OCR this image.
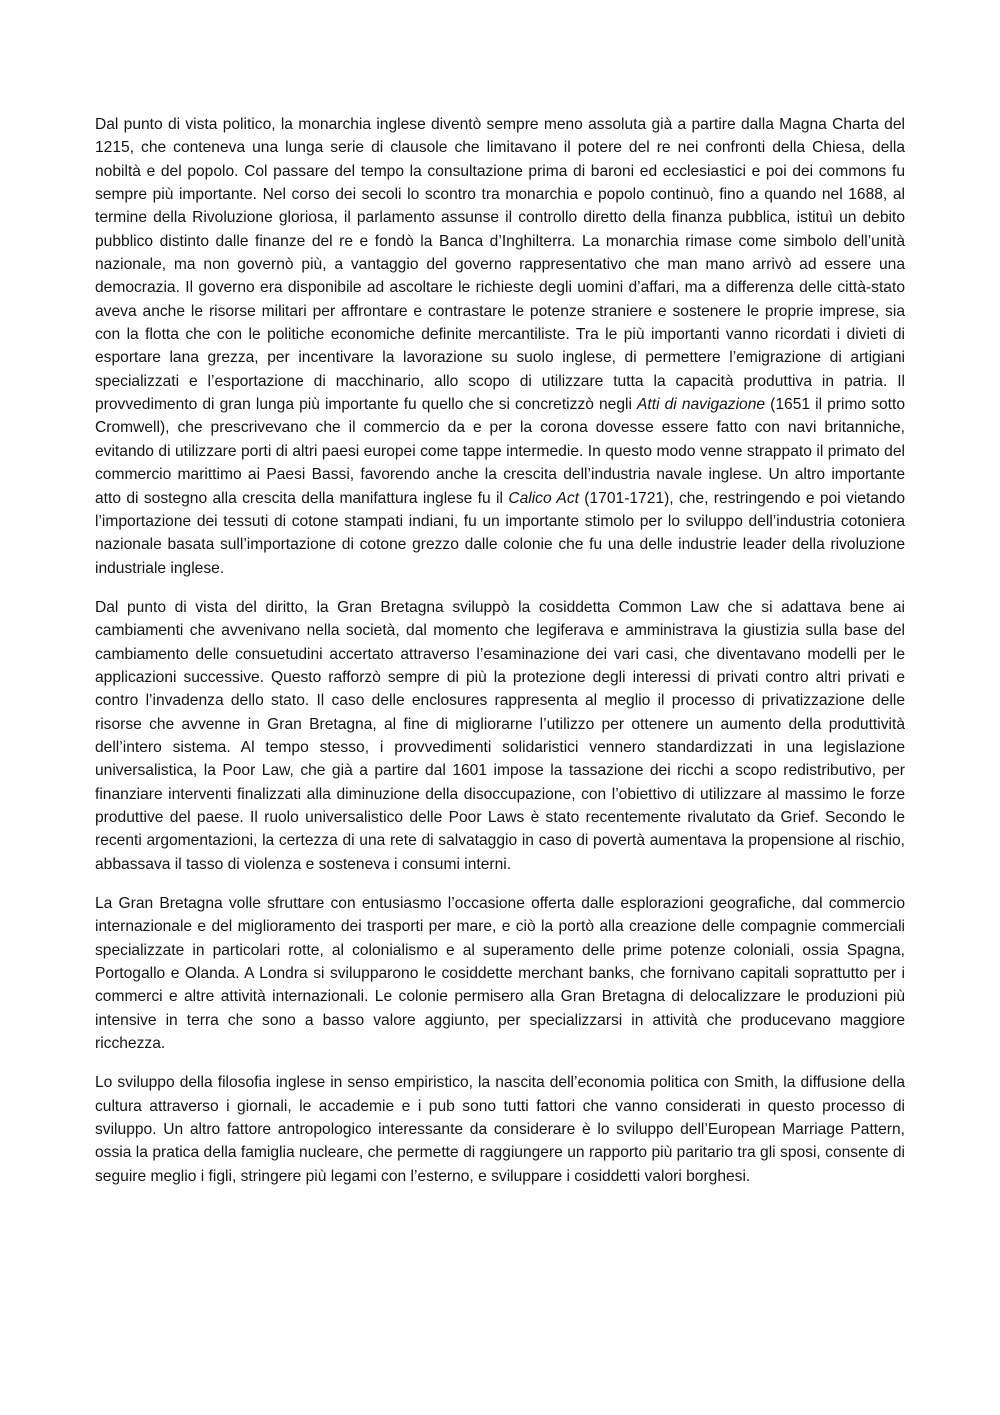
Dal punto di vista politico, la monarchia inglese diventò sempre meno assoluta già a partire dalla Magna Charta del 1215, che conteneva una lunga serie di clausole che limitavano il potere del re nei confronti della Chiesa, della nobiltà e del popolo. Col passare del tempo la consultazione prima di baroni ed ecclesiastici e poi dei commons fu sempre più importante. Nel corso dei secoli lo scontro tra monarchia e popolo continuò, fino a quando nel 1688, al termine della Rivoluzione gloriosa, il parlamento assunse il controllo diretto della finanza pubblica, istituì un debito pubblico distinto dalle finanze del re e fondò la Banca d’Inghilterra. La monarchia rimase come simbolo dell’unità nazionale, ma non governò più, a vantaggio del governo rappresentativo che man mano arrivò ad essere una democrazia. Il governo era disponibile ad ascoltare le richieste degli uomini d’affari, ma a differenza delle città-stato aveva anche le risorse militari per affrontare e contrastare le potenze straniere e sostenere le proprie imprese, sia con la flotta che con le politiche economiche definite mercantiliste. Tra le più importanti vanno ricordati i divieti di esportare lana grezza, per incentivare la lavorazione su suolo inglese, di permettere l’emigrazione di artigiani specializzati e l’esportazione di macchinario, allo scopo di utilizzare tutta la capacità produttiva in patria. Il provvedimento di gran lunga più importante fu quello che si concretizzò negli Atti di navigazione (1651 il primo sotto Cromwell), che prescrivevano che il commercio da e per la corona dovesse essere fatto con navi britanniche, evitando di utilizzare porti di altri paesi europei come tappe intermedie. In questo modo venne strappato il primato del commercio marittimo ai Paesi Bassi, favorendo anche la crescita dell’industria navale inglese. Un altro importante atto di sostegno alla crescita della manifattura inglese fu il Calico Act (1701-1721), che, restringendo e poi vietando l’importazione dei tessuti di cotone stampati indiani, fu un importante stimolo per lo sviluppo dell’industria cotoniera nazionale basata sull’importazione di cotone grezzo dalle colonie che fu una delle industrie leader della rivoluzione industriale inglese.

Dal punto di vista del diritto, la Gran Bretagna sviluppò la cosiddetta Common Law che si adattava bene ai cambiamenti che avvenivano nella società, dal momento che legiferava e amministrava la giustizia sulla base del cambiamento delle consuetudini accertato attraverso l’esaminazione dei vari casi, che diventavano modelli per le applicazioni successive. Questo rafforzò sempre di più la protezione degli interessi di privati contro altri privati e contro l’invadenza dello stato. Il caso delle enclosures rappresenta al meglio il processo di privatizzazione delle risorse che avvenne in Gran Bretagna, al fine di migliorarne l’utilizzo per ottenere un aumento della produttività dell’intero sistema. Al tempo stesso, i provvedimenti solidaristici vennero standardizzati in una legislazione universalistica, la Poor Law, che già a partire dal 1601 impose la tassazione dei ricchi a scopo redistributivo, per finanziare interventi finalizzati alla diminuzione della disoccupazione, con l’obiettivo di utilizzare al massimo le forze produttive del paese. Il ruolo universalistico delle Poor Laws è stato recentemente rivalutato da Grief. Secondo le recenti argomentazioni, la certezza di una rete di salvataggio in caso di povertà aumentava la propensione al rischio, abbassava il tasso di violenza e sosteneva i consumi interni.

La Gran Bretagna volle sfruttare con entusiasmo l’occasione offerta dalle esplorazioni geografiche, dal commercio internazionale e del miglioramento dei trasporti per mare, e ciò la portò alla creazione delle compagnie commerciali specializzate in particolari rotte, al colonialismo e al superamento delle prime potenze coloniali, ossia Spagna, Portogallo e Olanda. A Londra si svilupparono le cosiddette merchant banks, che fornivano capitali soprattutto per i commerci e altre attività internazionali. Le colonie permisero alla Gran Bretagna di delocalizzare le produzioni più intensive in terra che sono a basso valore aggiunto, per specializzarsi in attività che producevano maggiore ricchezza.

Lo sviluppo della filosofia inglese in senso empiristico, la nascita dell’economia politica con Smith, la diffusione della cultura attraverso i giornali, le accademie e i pub sono tutti fattori che vanno considerati in questo processo di sviluppo. Un altro fattore antropologico interessante da considerare è lo sviluppo dell’European Marriage Pattern, ossia la pratica della famiglia nucleare, che permette di raggiungere un rapporto più paritario tra gli sposi, consente di seguire meglio i figli, stringere più legami con l’esterno, e sviluppare i cosiddetti valori borghesi.
